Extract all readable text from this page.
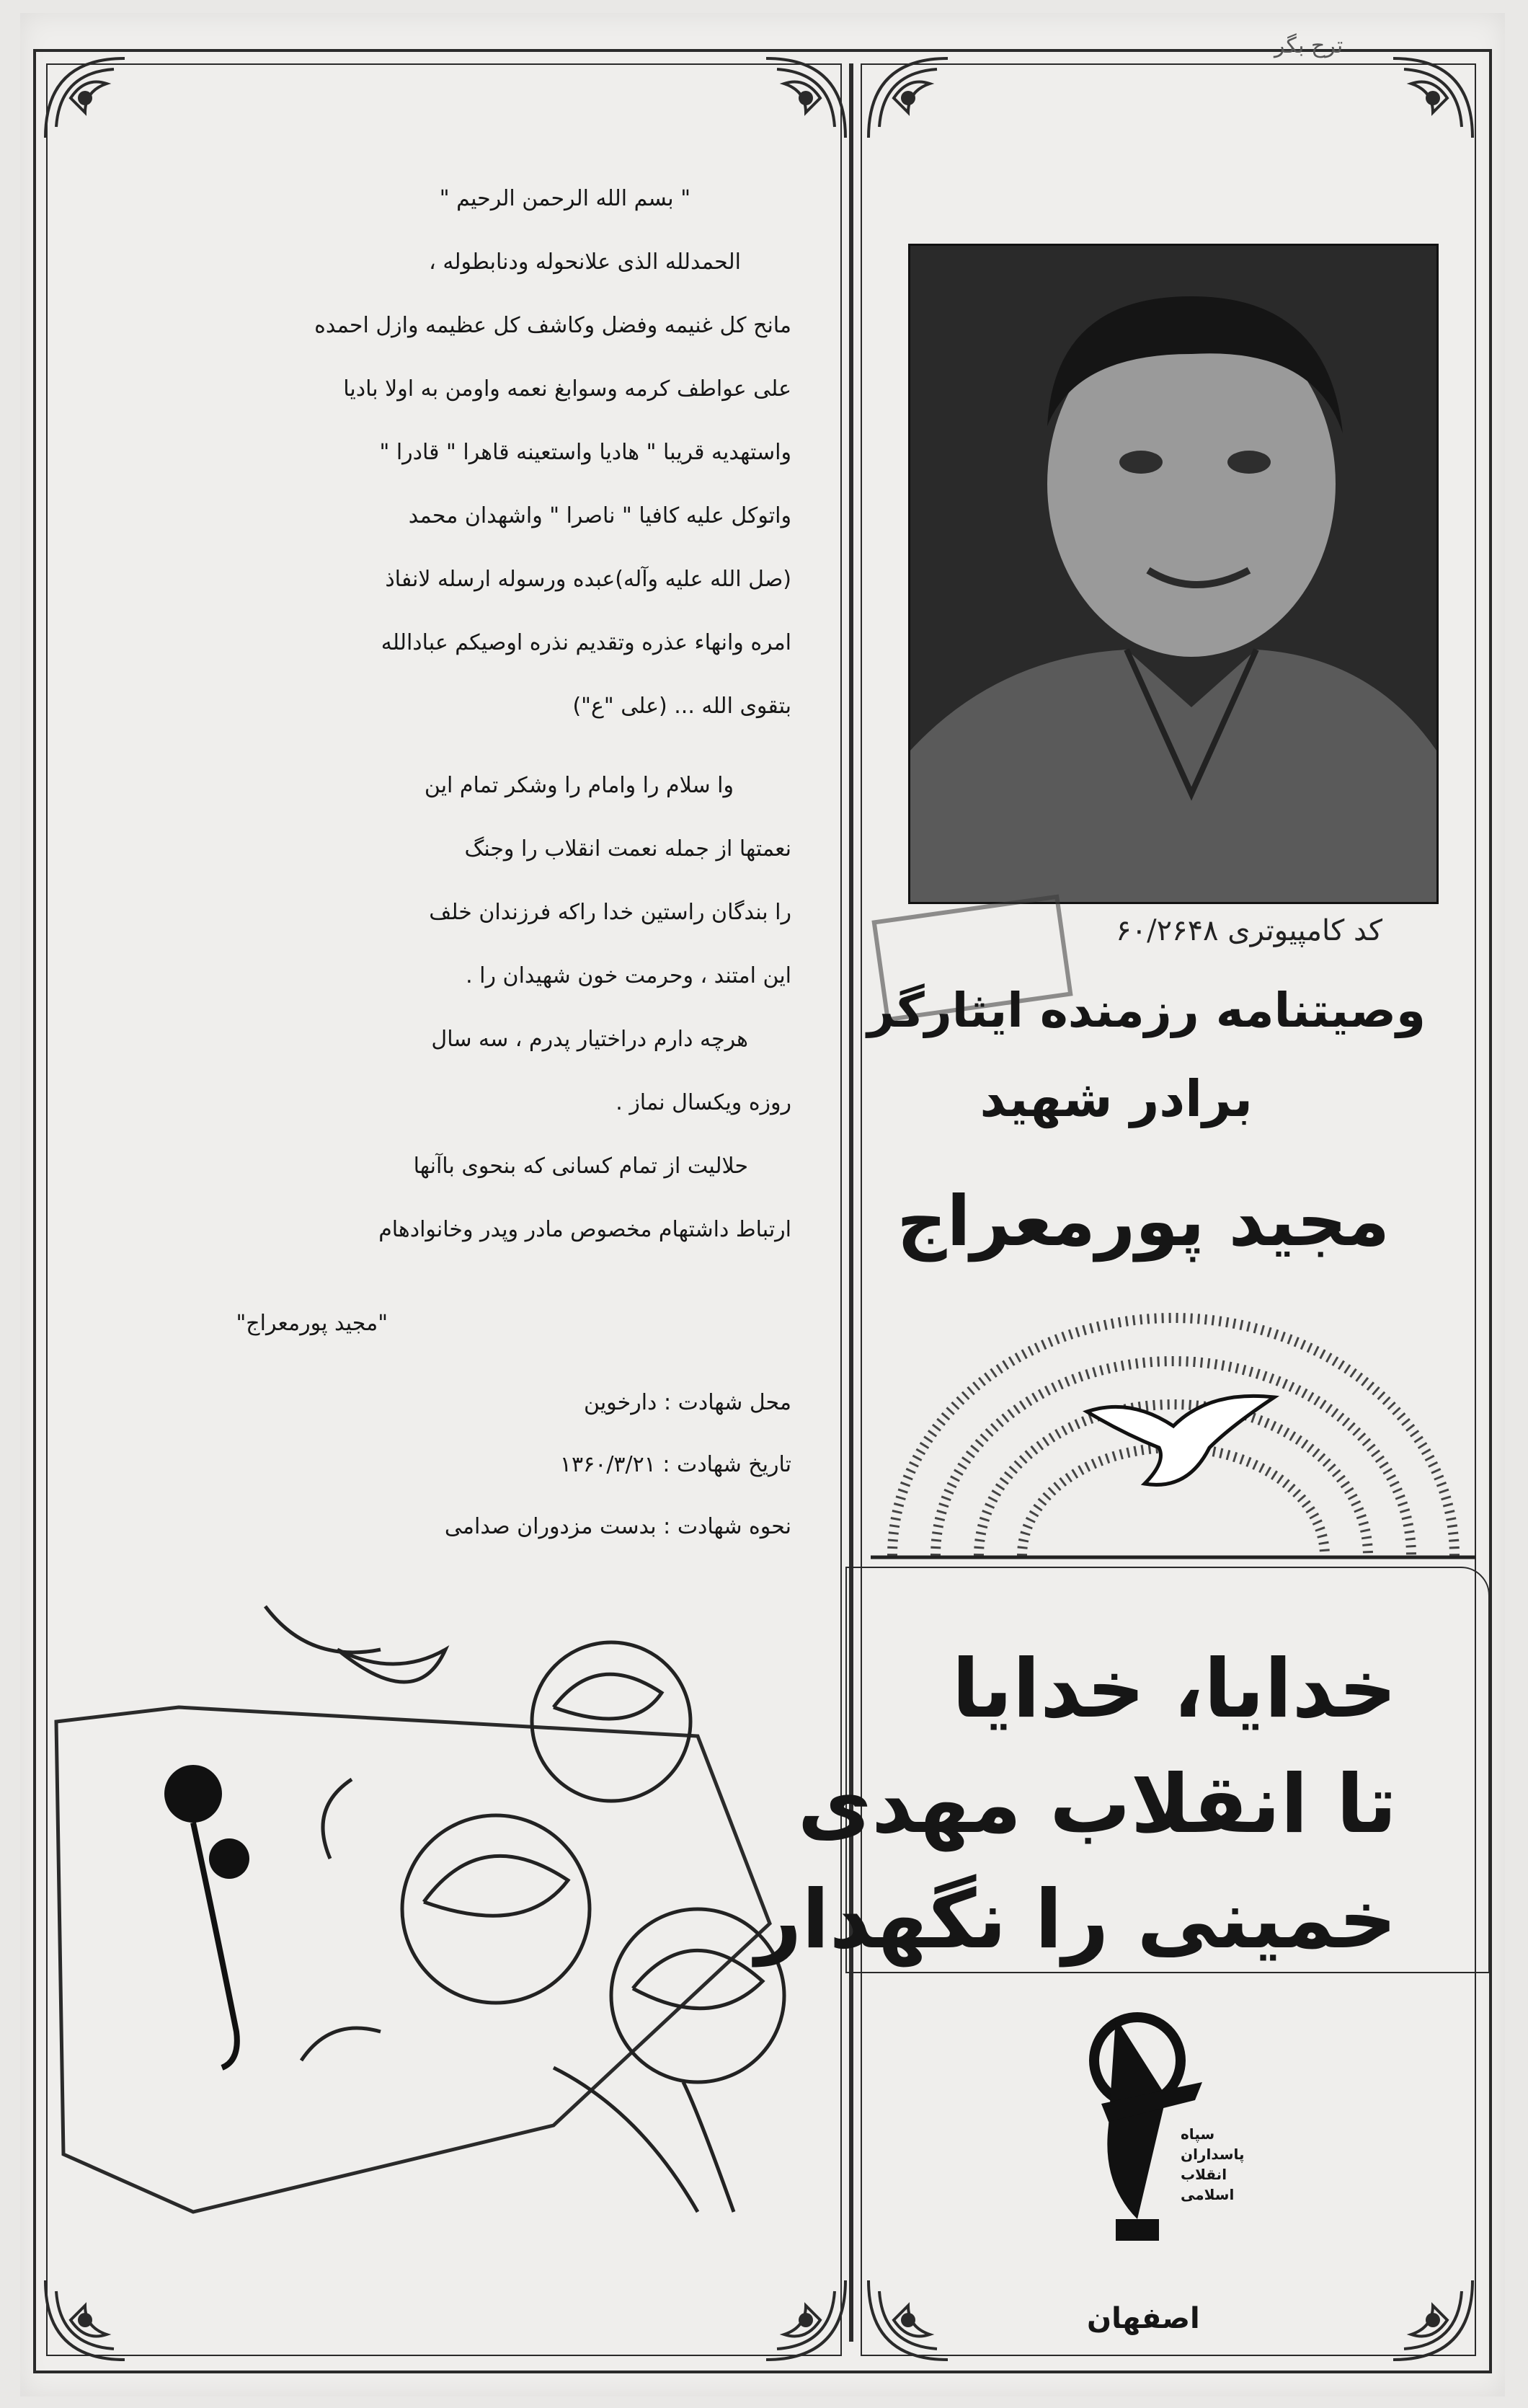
ترح بگر
" بسم الله الرحمن الرحیم "
الحمدلله الذی علانحوله ودنابطوله ،
مانح کل غنیمه وفضل وکاشف کل عظیمه وازل احمده
علی عواطف کرمه وسوابغ نعمه واومن به اولا بادیا
واستهدیه قریبا " هادیا واستعینه قاهرا " قادرا "
واتوکل علیه کافیا " ناصرا " واشهدان محمد
(صل الله علیه وآله)عبده ورسوله ارسله لانفاذ
امره وانهاء عذره وتقدیم نذره اوصیکم عبادالله
بتقوی الله ... (علی "ع")
وا سلام را وامام را وشکر تمام این
نعمتها از جمله نعمت انقلاب را وجنگ
را بندگان راستین خدا راکه فرزندان خلف
این امتند ، وحرمت خون شهیدان را .
هرچه دارم دراختیار پدرم ، سه سال
روزه ویکسال نماز .
حلالیت از تمام کسانی که بنحوی باآنها
ارتباط داشتهام مخصوص مادر وپدر وخانوادهام
"مجید پورمعراج"
محل شهادت : دارخوین
تاریخ شهادت : ۱۳۶۰/۳/۲۱
نحوه شهادت : بدست مزدوران صدامی
کد کامپیوتری ۶۰/۲۶۴۸
وصیتنامه رزمنده ایثارگر
برادر شهید
مجید پورمعراج
خدایا، خدایا
تا انقلاب مهدی
خمینی را نگهدار
سپاه
پاسداران
انقلاب
اسلامی
اصفهان
